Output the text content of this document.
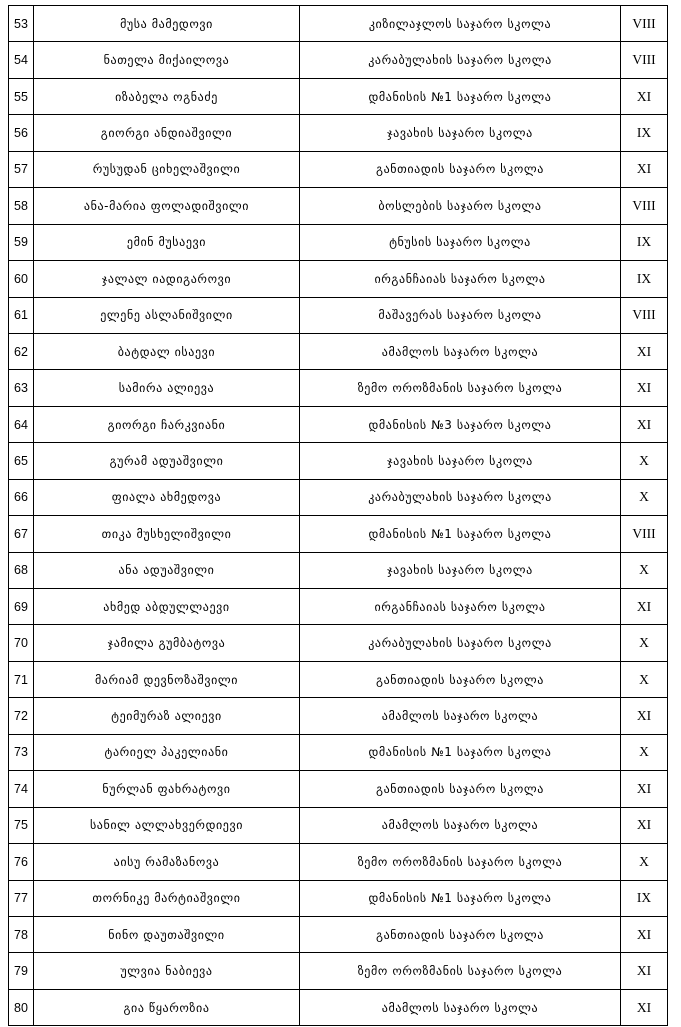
53	მუსა მამედოვი	კიზილაჯლოს საჯარო სკოლა	VIII
54	ნათელა მიქაილოვა	კარაბულახის საჯარო სკოლა	VIII
55	იზაბელა ოგნაძე	დმანისის №1 საჯარო სკოლა	XI
56	გიორგი ანდიაშვილი	ჯავახის საჯარო სკოლა	IX
57	რუსუდან ციხელაშვილი	განთიადის საჯარო სკოლა	XI
58	ანა-მარია ფოლადიშვილი	ბოსლების საჯარო სკოლა	VIII
59	ემინ მუსაევი	ტნუსის საჯარო სკოლა	IX
60	ჯალალ იადიგაროვი	ირგანჩაიას საჯარო სკოლა	IX
61	ელენე ასლანიშვილი	მაშავერას საჯარო სკოლა	VIII
62	ბატდალ ისაევი	ამამლოს საჯარო სკოლა	XI
63	სამირა ალიევა	ზემო ოროზმანის საჯარო სკოლა	XI
64	გიორგი ჩარკვიანი	დმანისის №3 საჯარო სკოლა	XI
65	გურამ ადუაშვილი	ჯავახის საჯარო სკოლა	X
66	ფიალა ახმედოვა	კარაბულახის საჯარო სკოლა	X
67	თიკა მუსხელიშვილი	დმანისის №1 საჯარო სკოლა	VIII
68	ანა ადუაშვილი	ჯავახის საჯარო სკოლა	X
69	ახმედ აბდულლაევი	ირგანჩაიას საჯარო სკოლა	XI
70	ჯამილა გუმბატოვა	კარაბულახის საჯარო სკოლა	X
71	მარიამ დევნოზაშვილი	განთიადის საჯარო სკოლა	X
72	ტეიმურაზ ალიევი	ამამლოს საჯარო სკოლა	XI
73	ტარიელ პაკელიანი	დმანისის №1 საჯარო სკოლა	X
74	ნურლან ფახრატოვი	განთიადის საჯარო სკოლა	XI
75	სანილ ალლახვერდიევი	ამამლოს საჯარო სკოლა	XI
76	აისუ რამაზანოვა	ზემო ოროზმანის საჯარო სკოლა	X
77	თორნიკე მარტიაშვილი	დმანისის №1 საჯარო სკოლა	IX
78	ნინო დაუთაშვილი	განთიადის საჯარო სკოლა	XI
79	ულვია ნაბიევა	ზემო ოროზმანის საჯარო სკოლა	XI
80	გია წყაროზია	ამამლოს საჯარო სკოლა	XI
